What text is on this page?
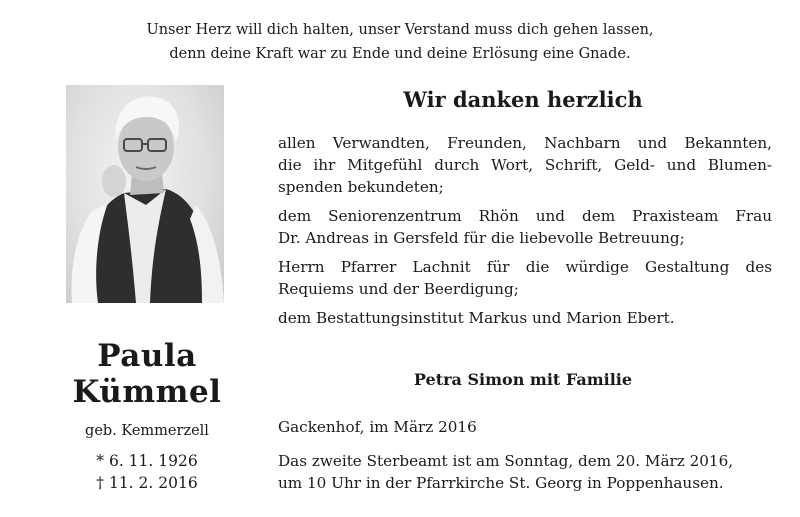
Unser Herz will dich halten, unser Verstand muss dich gehen lassen,
denn deine Kraft war zu Ende und deine Erlösung eine Gnade.
Paula
Kümmel
geb. Kemmerzell
* 6. 11. 1926
† 11. 2. 2016
Wir danken herzlich
allen Verwandten, Freunden, Nachbarn und Bekannten,
die ihr Mitgefühl durch Wort, Schrift, Geld- und Blumen-
spenden bekundeten;
dem Seniorenzentrum Rhön und dem Praxisteam Frau
Dr. Andreas in Gersfeld für die liebevolle Betreuung;
Herrn Pfarrer Lachnit für die würdige Gestaltung des
Requiems und der Beerdigung;
dem Bestattungsinstitut Markus und Marion Ebert.
Petra Simon mit Familie
Gackenhof, im März 2016
Das zweite Sterbeamt ist am Sonntag, dem 20. März 2016,
um 10 Uhr in der Pfarrkirche St. Georg in Poppenhausen.
